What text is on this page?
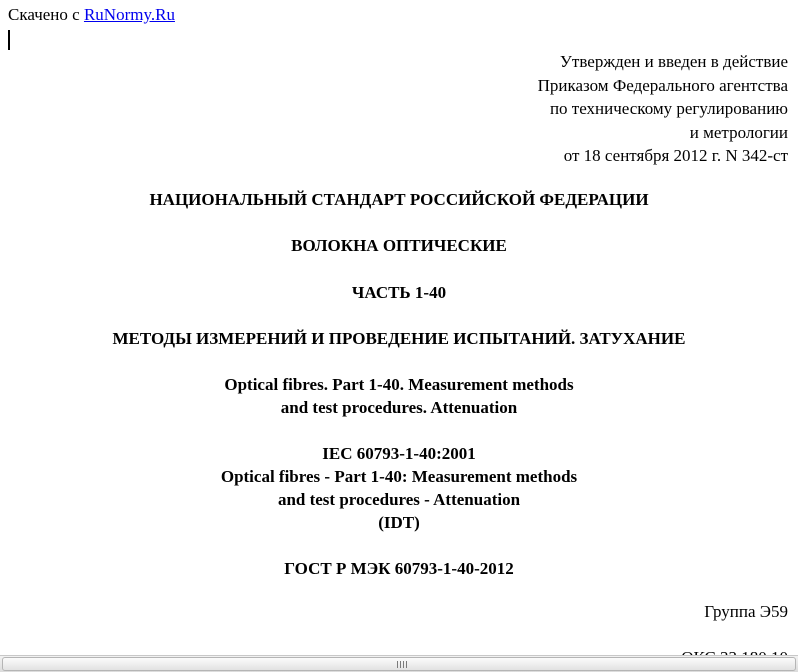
Скачено с RuNormy.Ru
Утвержден и введен в действие
Приказом Федерального агентства
по техническому регулированию
и метрологии
от 18 сентября 2012 г. N 342-ст
НАЦИОНАЛЬНЫЙ СТАНДАРТ РОССИЙСКОЙ ФЕДЕРАЦИИ
ВОЛОКНА ОПТИЧЕСКИЕ
ЧАСТЬ 1-40
МЕТОДЫ ИЗМЕРЕНИЙ И ПРОВЕДЕНИЕ ИСПЫТАНИЙ. ЗАТУХАНИЕ
Optical fibres. Part 1-40. Measurement methods
and test procedures. Attenuation
IEC 60793-1-40:2001
Optical fibres - Part 1-40: Measurement methods
and test procedures - Attenuation
(IDT)
ГОСТ Р МЭК 60793-1-40-2012
Группа Э59
